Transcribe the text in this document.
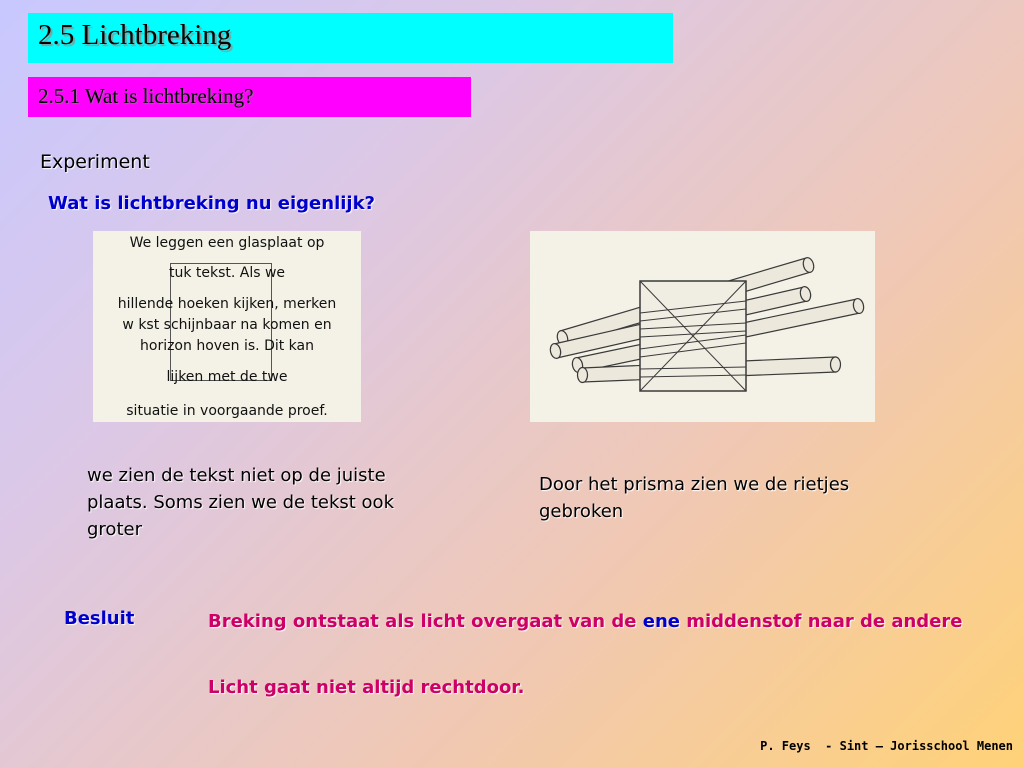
2.5 Lichtbreking
2.5.1 Wat is lichtbreking?
Experiment
Wat is lichtbreking nu eigenlijk?
We leggen een glasplaat op
tuk tekst. Als we
hillende hoeken kijken, merken
w kst schijnbaar na komen en
horizon hoven is. Dit kan
lijken met de twe
situatie in voorgaande proef.
we zien de tekst niet op de juiste plaats. Soms zien we de tekst ook groter
Door het prisma zien we de rietjes gebroken
Besluit	Breking ontstaat als licht overgaat van de ene middenstof naar de andere
Licht gaat niet altijd rechtdoor.
P. Feys  - Sint – Jorisschool Menen
